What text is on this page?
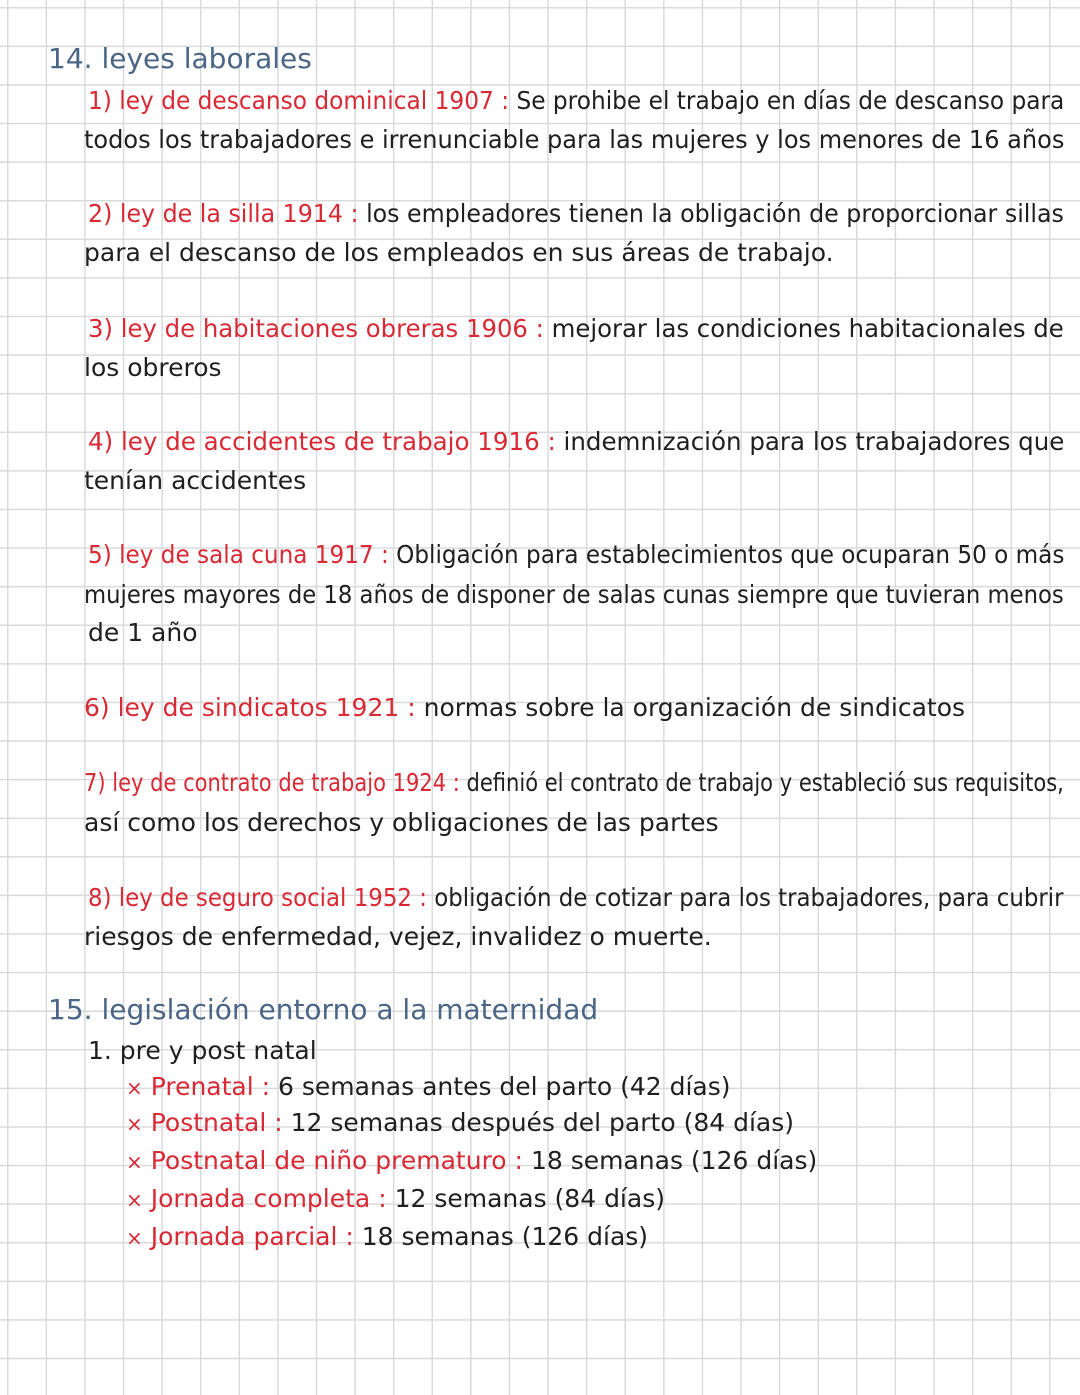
14. leyes laborales
1) ley de descanso dominical 1907 : Se prohibe el trabajo en días de descanso para
todos los trabajadores e irrenunciable para las mujeres y los menores de 16 años
2) ley de la silla 1914 : los empleadores tienen la obligación de proporcionar sillas
para el descanso de los empleados en sus áreas de trabajo.
3) ley de habitaciones obreras 1906 : mejorar las condiciones habitacionales de
los obreros
4) ley de accidentes de trabajo 1916 : indemnización para los trabajadores que
tenían accidentes
5) ley de sala cuna 1917 : Obligación para establecimientos que ocuparan 50 o más
mujeres mayores de 18 años de disponer de salas cunas siempre que tuvieran menos
de 1 año
6) ley de sindicatos 1921 : normas sobre la organización de sindicatos
7) ley de contrato de trabajo 1924 : definió el contrato de trabajo y estableció sus requisitos,
así como los derechos y obligaciones de las partes
8) ley de seguro social 1952 : obligación de cotizar para los trabajadores, para cubrir
riesgos de enfermedad, vejez, invalidez o muerte.
15. legislación entorno a la maternidad
1. pre y post natal
× Prenatal : 6 semanas antes del parto (42 días)
× Postnatal : 12 semanas después del parto (84 días)
× Postnatal de niño prematuro : 18 semanas (126 días)
× Jornada completa : 12 semanas (84 días)
× Jornada parcial : 18 semanas (126 días)
